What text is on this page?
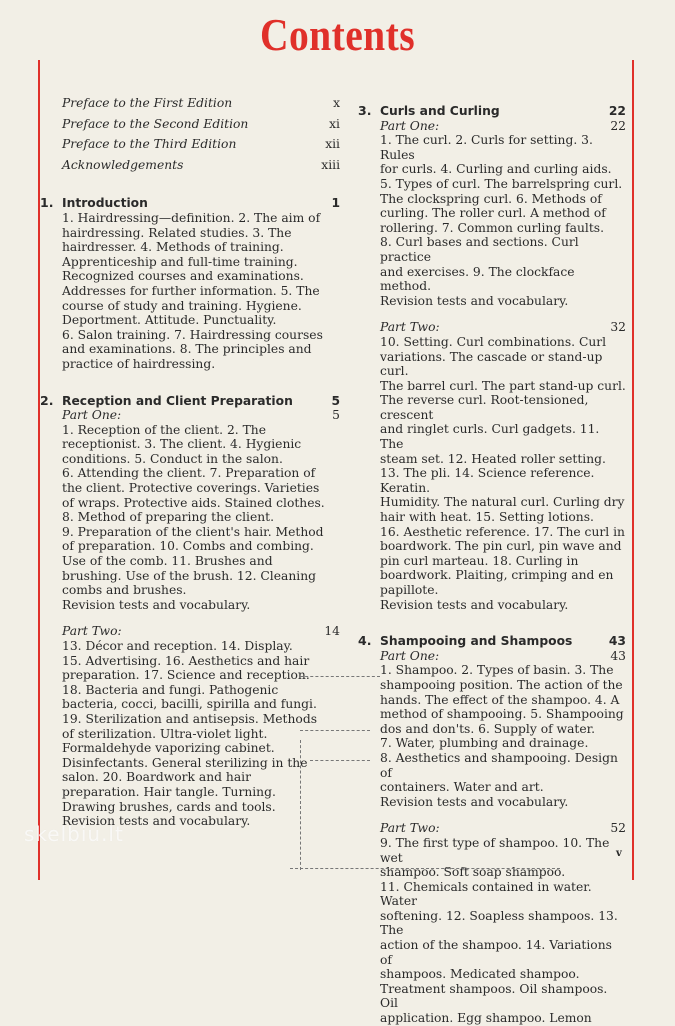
Contents
Preface to the First Edition	x
Preface to the Second Edition	xi
Preface to the Third Edition	xii
Acknowledgements	xiii
1. Introduction	1
1. Hairdressing—definition. 2. The aim of
hairdressing. Related studies. 3. The
hairdresser. 4. Methods of training.
Apprenticeship and full-time training.
Recognized courses and examinations.
Addresses for further information. 5. The
course of study and training. Hygiene.
Deportment. Attitude. Punctuality.
6. Salon training. 7. Hairdressing courses
and examinations. 8. The principles and
practice of hairdressing.
2. Reception and Client Preparation	5
Part One:	5
1. Reception of the client. 2. The
receptionist. 3. The client. 4. Hygienic
conditions. 5. Conduct in the salon.
6. Attending the client. 7. Preparation of
the client. Protective coverings. Varieties
of wraps. Protective aids. Stained clothes.
8. Method of preparing the client.
9. Preparation of the client's hair. Method
of preparation. 10. Combs and combing.
Use of the comb. 11. Brushes and
brushing. Use of the brush. 12. Cleaning
combs and brushes.
Revision tests and vocabulary.
Part Two:	14
13. Décor and reception. 14. Display.
15. Advertising. 16. Aesthetics and hair
preparation. 17. Science and reception.
18. Bacteria and fungi. Pathogenic
bacteria, cocci, bacilli, spirilla and fungi.
19. Sterilization and antisepsis. Methods
of sterilization. Ultra-violet light.
Formaldehyde vaporizing cabinet.
Disinfectants. General sterilizing in the
salon. 20. Boardwork and hair
preparation. Hair tangle. Turning.
Drawing brushes, cards and tools.
Revision tests and vocabulary.
3. Curls and Curling	22
Part One:	22
1. The curl. 2. Curls for setting. 3. Rules
for curls. 4. Curling and curling aids.
5. Types of curl. The barrelspring curl.
The clockspring curl. 6. Methods of
curling. The roller curl. A method of
rollering. 7. Common curling faults.
8. Curl bases and sections. Curl practice
and exercises. 9. The clockface method.
Revision tests and vocabulary.
Part Two:	32
10. Setting. Curl combinations. Curl
variations. The cascade or stand-up curl.
The barrel curl. The part stand-up curl.
The reverse curl. Root-tensioned, crescent
and ringlet curls. Curl gadgets. 11. The
steam set. 12. Heated roller setting.
13. The pli. 14. Science reference. Keratin.
Humidity. The natural curl. Curling dry
hair with heat. 15. Setting lotions.
16. Aesthetic reference. 17. The curl in
boardwork. The pin curl, pin wave and
pin curl marteau. 18. Curling in
boardwork. Plaiting, crimping and en
papillote.
Revision tests and vocabulary.
4. Shampooing and Shampoos	43
Part One:	43
1. Shampoo. 2. Types of basin. 3. The
shampooing position. The action of the
hands. The effect of the shampoo. 4. A
method of shampooing. 5. Shampooing
dos and don'ts. 6. Supply of water.
7. Water, plumbing and drainage.
8. Aesthetics and shampooing. Design of
containers. Water and art.
Revision tests and vocabulary.
Part Two:	52
9. The first type of shampoo. 10. The wet
shampoo. Soft soap shampoo.
11. Chemicals contained in water. Water
softening. 12. Soapless shampoos. 13. The
action of the shampoo. 14. Variations of
shampoos. Medicated shampoo.
Treatment shampoos. Oil shampoos. Oil
application. Egg shampoo. Lemon
skelbiu.lt
v
